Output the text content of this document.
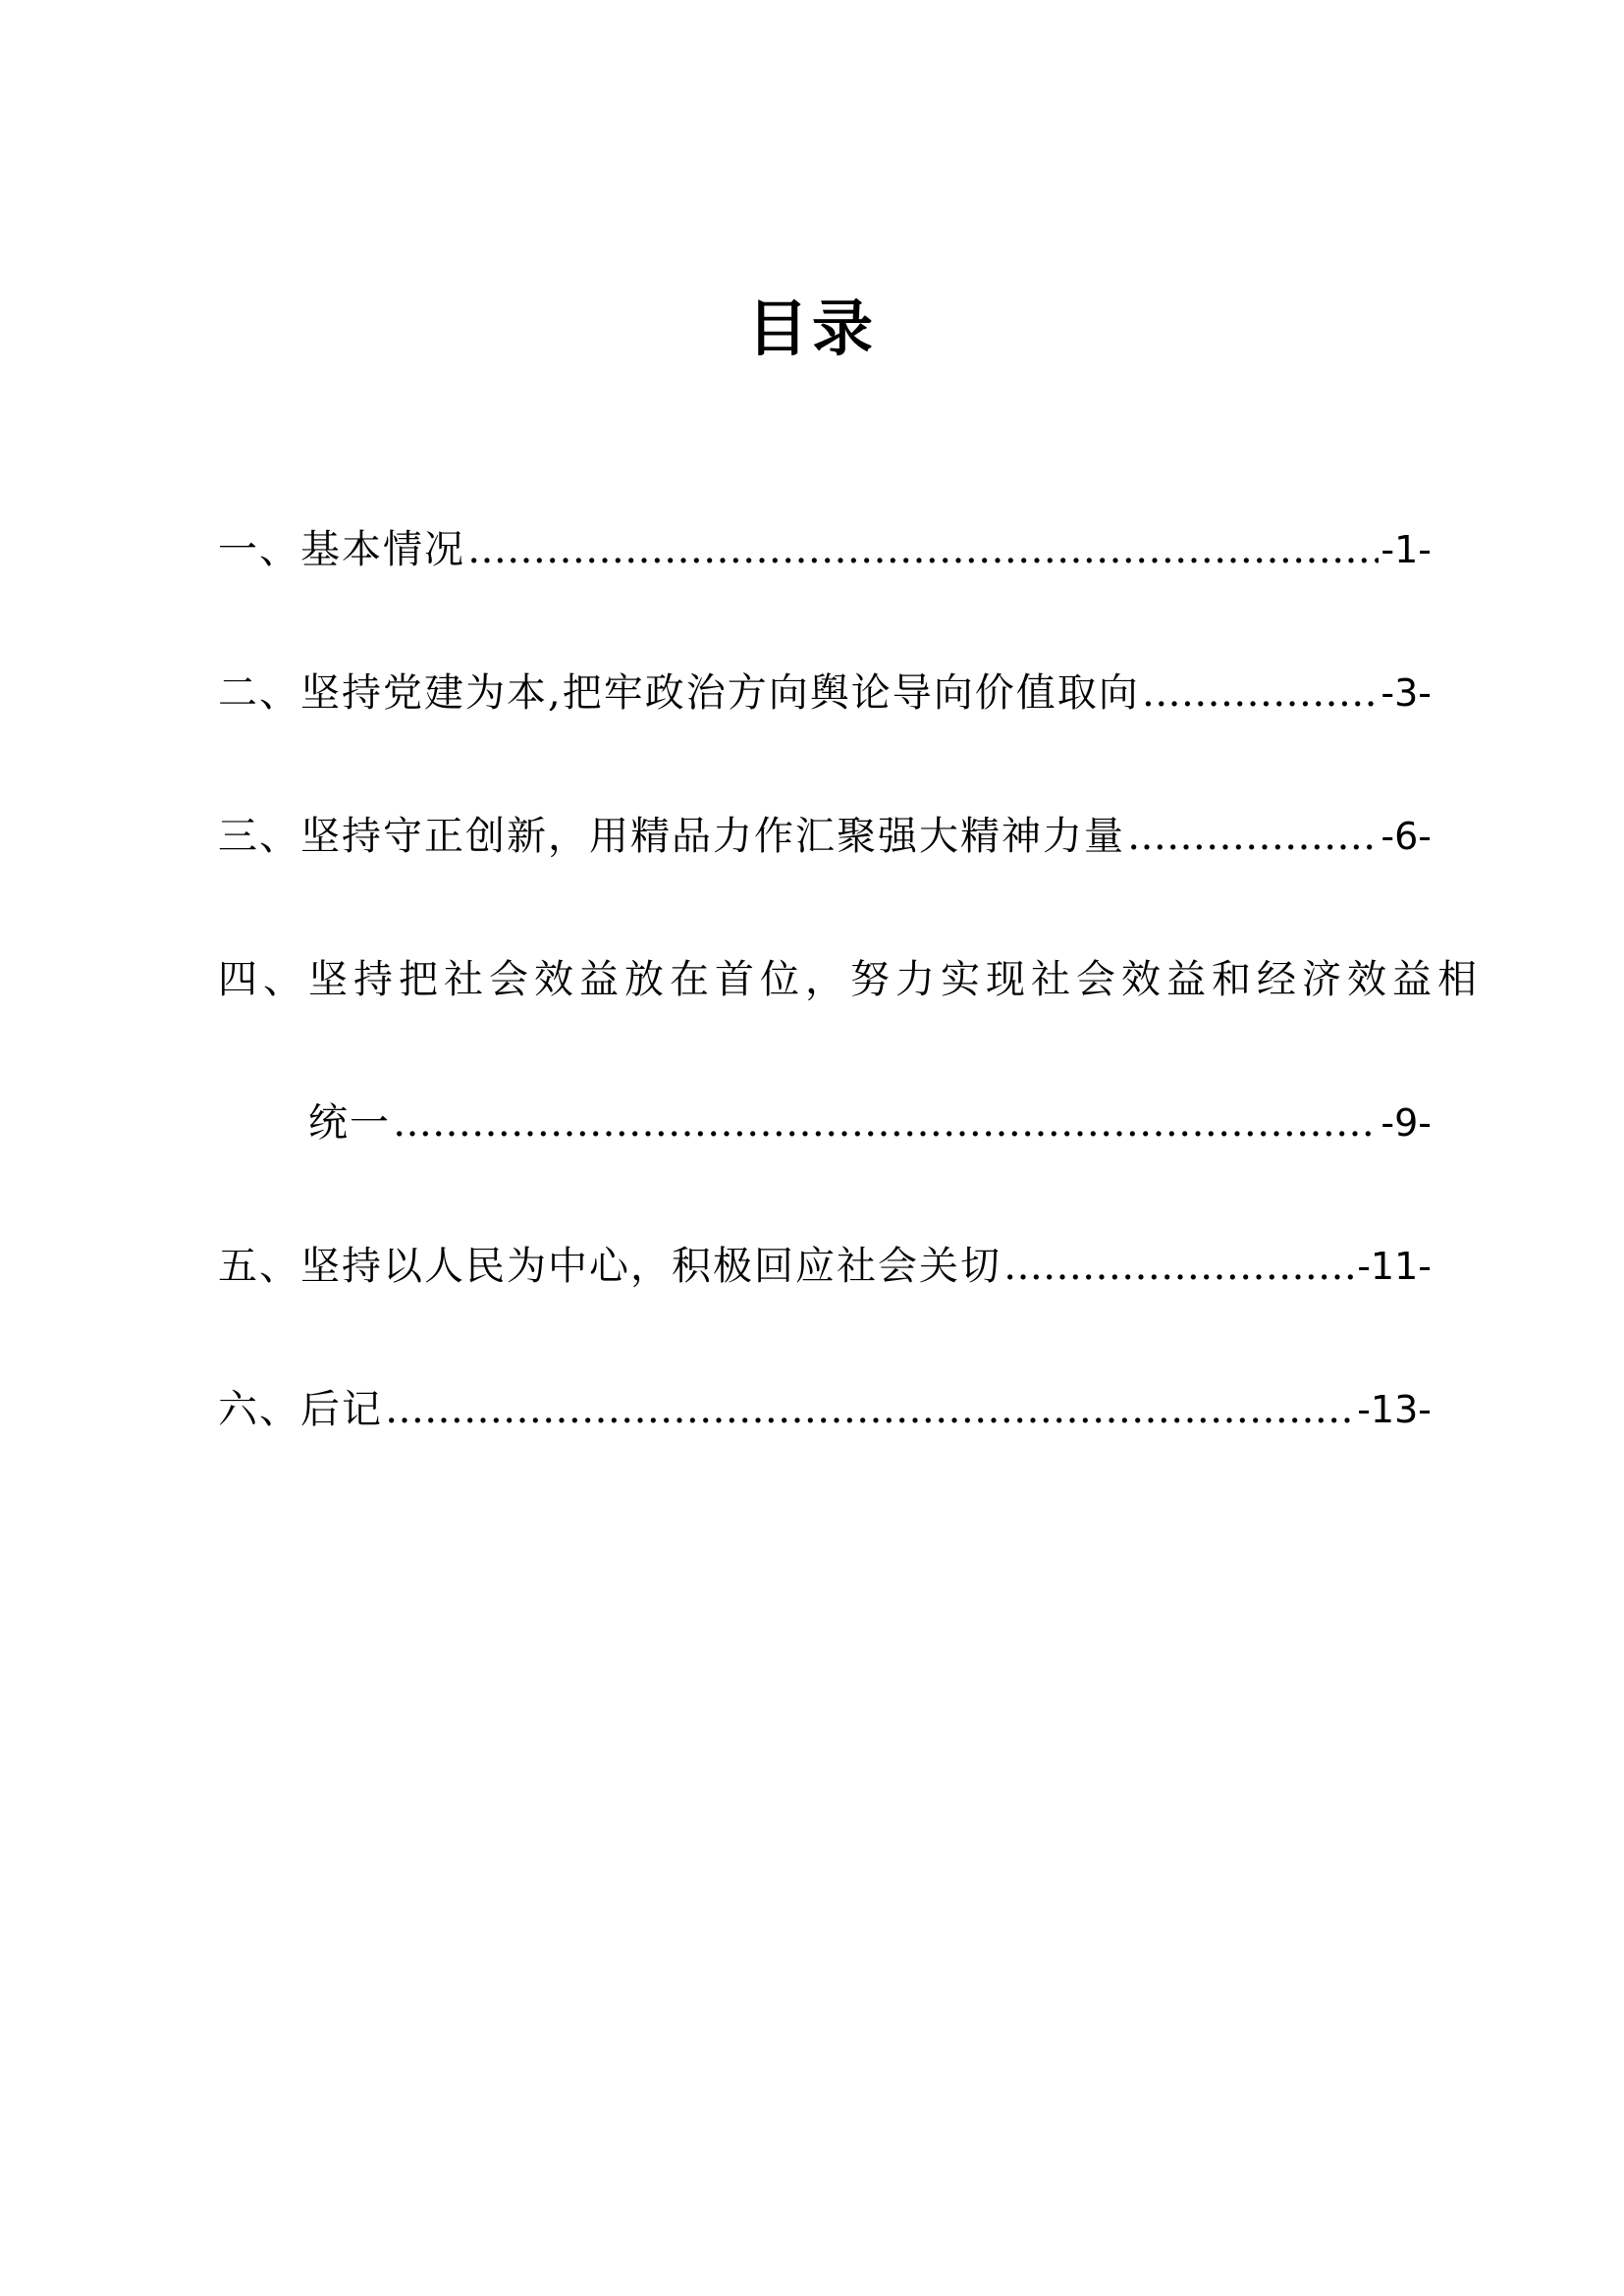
目录
一、基本情况 …………………………………………………………………………………………………………………………………………………………………………………………………………	-1-
二、坚持党建为本,把牢政治方向舆论导向价值取向 …………………………………………………………………………………………………………………………………………………………………………………………………………	-3-
三、坚持守正创新，用精品力作汇聚强大精神力量 …………………………………………………………………………………………………………………………………………………………………………………………………………	-6-
四、坚持把社会效益放在首位，努力实现社会效益和经济效益相
统一 …………………………………………………………………………………………………………………………………………………………………………………………………………	-9-
五、坚持以人民为中心，积极回应社会关切 …………………………………………………………………………………………………………………………………………………………………………………………………………	-11-
六、后记 …………………………………………………………………………………………………………………………………………………………………………………………………………	-13-
